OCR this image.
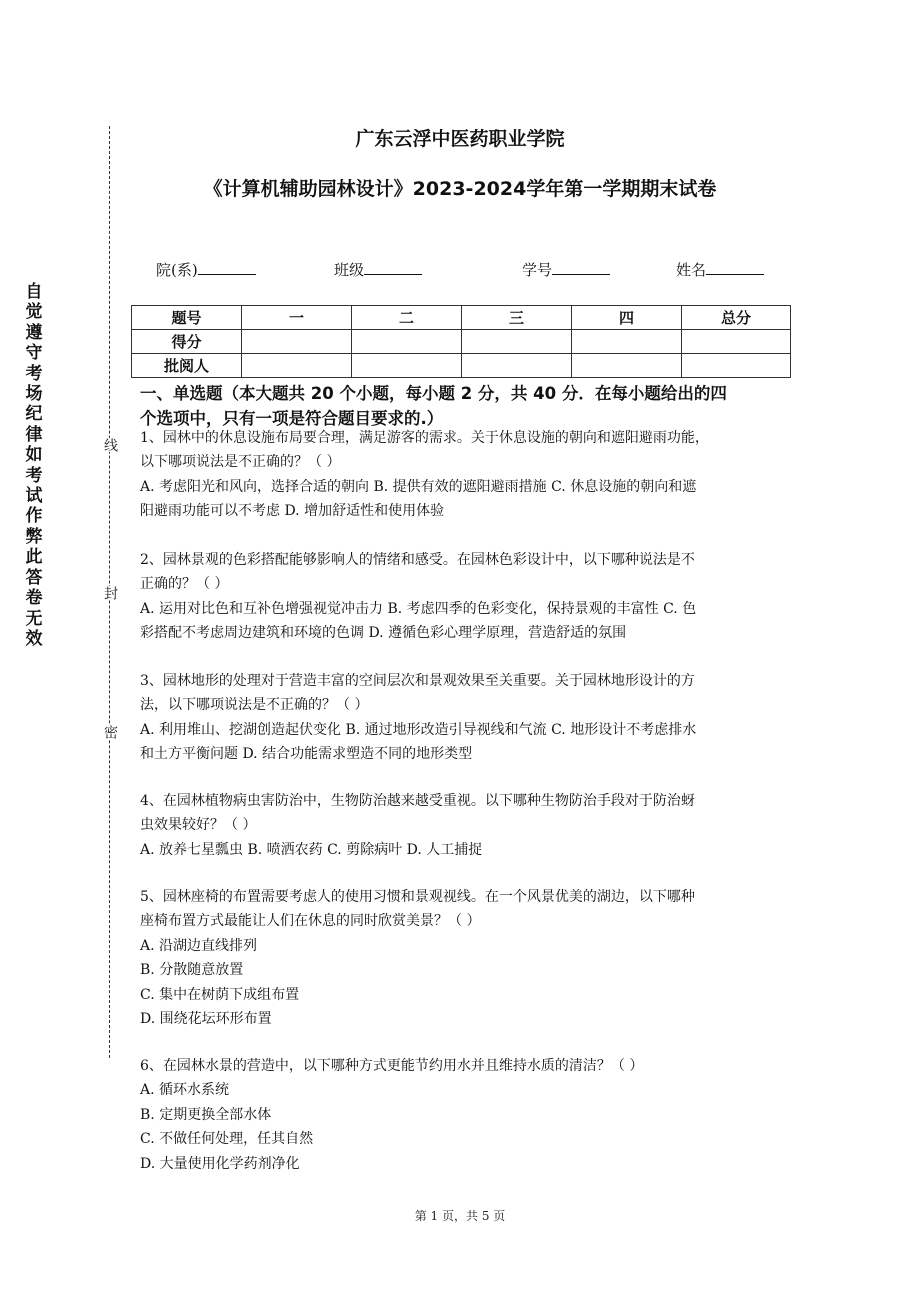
自觉遵守考场纪律如考试作弊此答卷无效
线
封
密
广东云浮中医药职业学院
《计算机辅助园林设计》2023-2024学年第一学期期末试卷
院(系)	班级	学号	姓名
题号	一	二	三	四	总分
得分					
批阅人					
一、单选题（本大题共 20 个小题，每小题 2 分，共 40 分．在每小题给出的四
个选项中，只有一项是符合题目要求的.）

1、园林中的休息设施布局要合理，满足游客的需求。关于休息设施的朝向和遮阳避雨功能，

以下哪项说法是不正确的？（ ）

A. 考虑阳光和风向，选择合适的朝向 B. 提供有效的遮阳避雨措施 C. 休息设施的朝向和遮

阳避雨功能可以不考虑 D. 增加舒适性和使用体验

2、园林景观的色彩搭配能够影响人的情绪和感受。在园林色彩设计中，以下哪种说法是不

正确的？（ ）

A. 运用对比色和互补色增强视觉冲击力 B. 考虑四季的色彩变化，保持景观的丰富性 C. 色

彩搭配不考虑周边建筑和环境的色调 D. 遵循色彩心理学原理，营造舒适的氛围

3、园林地形的处理对于营造丰富的空间层次和景观效果至关重要。关于园林地形设计的方

法，以下哪项说法是不正确的？（ ）

A. 利用堆山、挖湖创造起伏变化 B. 通过地形改造引导视线和气流 C. 地形设计不考虑排水

和土方平衡问题 D. 结合功能需求塑造不同的地形类型

4、在园林植物病虫害防治中，生物防治越来越受重视。以下哪种生物防治手段对于防治蚜

虫效果较好？（ ）

A. 放养七星瓢虫 B. 喷洒农药 C. 剪除病叶 D. 人工捕捉

5、园林座椅的布置需要考虑人的使用习惯和景观视线。在一个风景优美的湖边，以下哪种

座椅布置方式最能让人们在休息的同时欣赏美景？（ ）

A. 沿湖边直线排列

B. 分散随意放置

C. 集中在树荫下成组布置

D. 围绕花坛环形布置

6、在园林水景的营造中，以下哪种方式更能节约用水并且维持水质的清洁？（ ）

A. 循环水系统

B. 定期更换全部水体

C. 不做任何处理，任其自然

D. 大量使用化学药剂净化

第 1 页，共 5 页
